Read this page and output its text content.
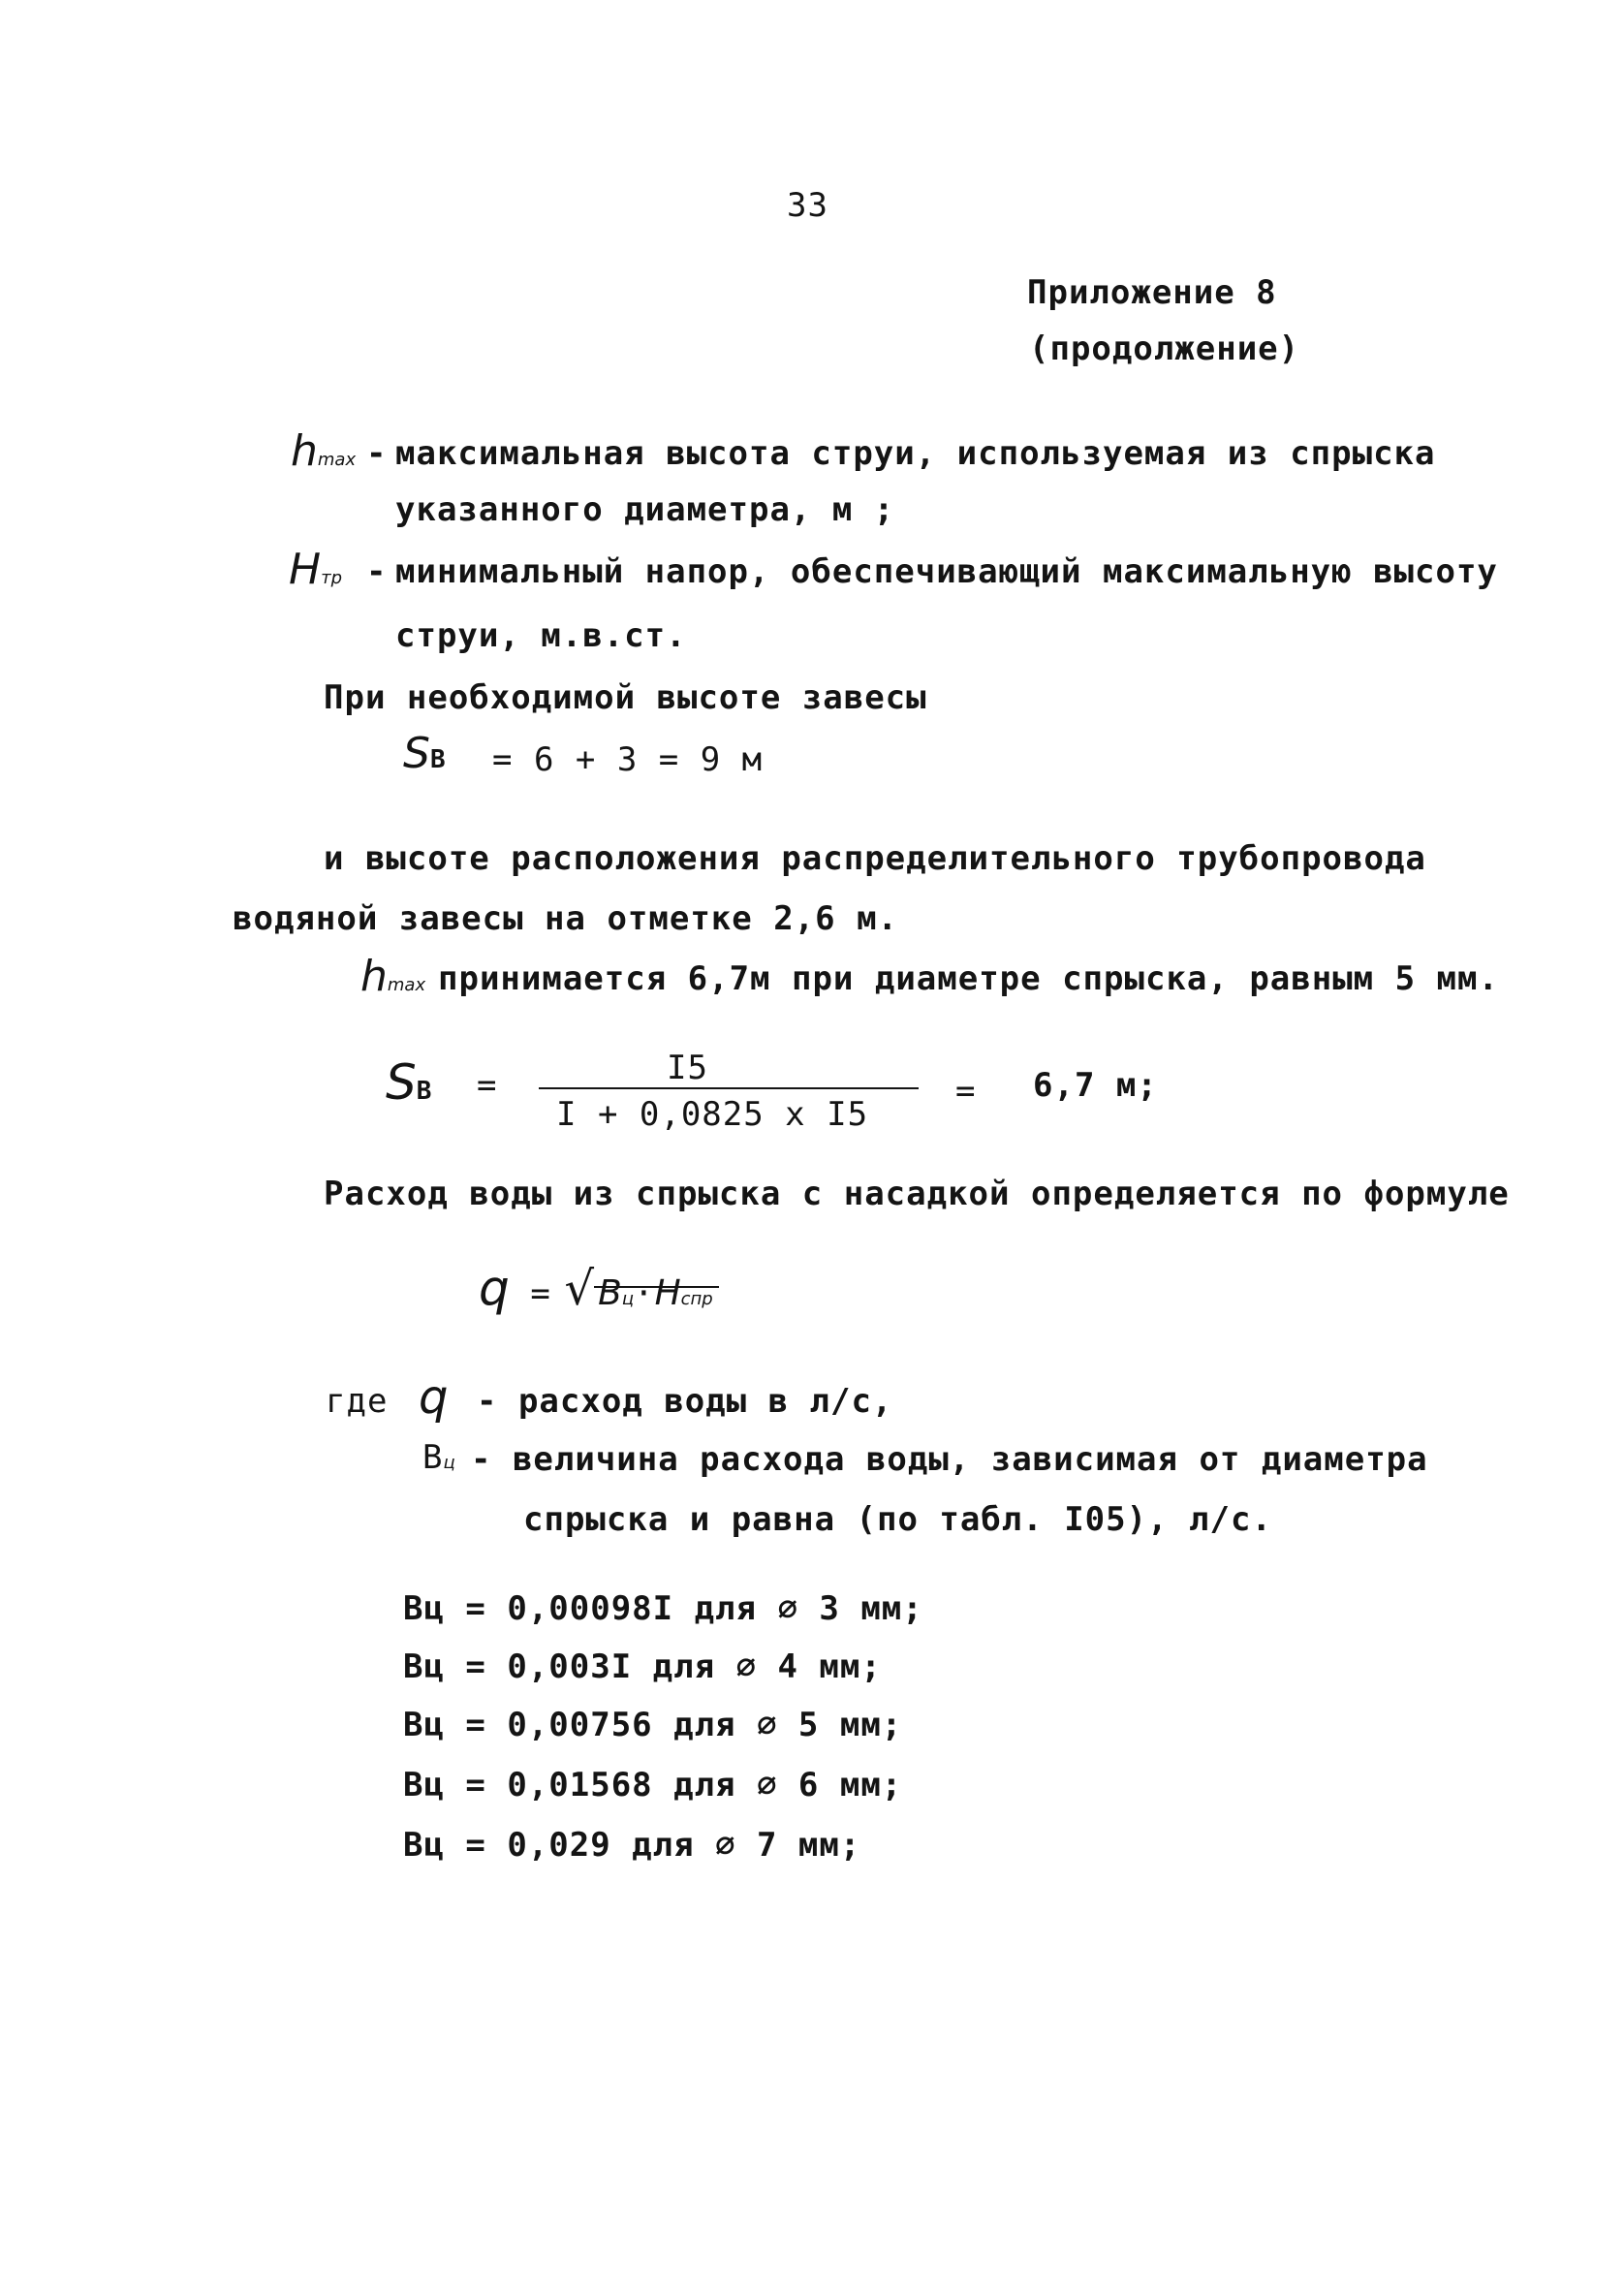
33
Приложение 8
(продолжение)
hmax - максимальная высота струи, используемая из спрыска
указанного диаметра, м ;
Hтр - минимальный напор, обеспечивающий максимальную высоту
струи, м.в.ст.
При необходимой высоте завесы
SВ = 6 + 3 = 9 м
и высоте расположения распределительного трубопровода
водяной завесы на отметке 2,6 м.
hmax принимается 6,7м при диаметре спрыска, равным 5 мм.
SВ =	I5
I + 0,0825 x I5
= 6,7 м;
Расход воды из спрыска с насадкой определяется по формуле
q = √ Bц·Hспр
где q - расход воды в л/с,
Вц - величина расхода воды, зависимая от диаметра
спрыска и равна (по табл. I05), л/с.
Вц = 0,00098I для ∅ 3 мм;
Вц = 0,003I для ∅ 4 мм;
Вц = 0,00756 для ∅ 5 мм;
Вц = 0,01568 для ∅ 6 мм;
Вц = 0,029 для ∅ 7 мм;
